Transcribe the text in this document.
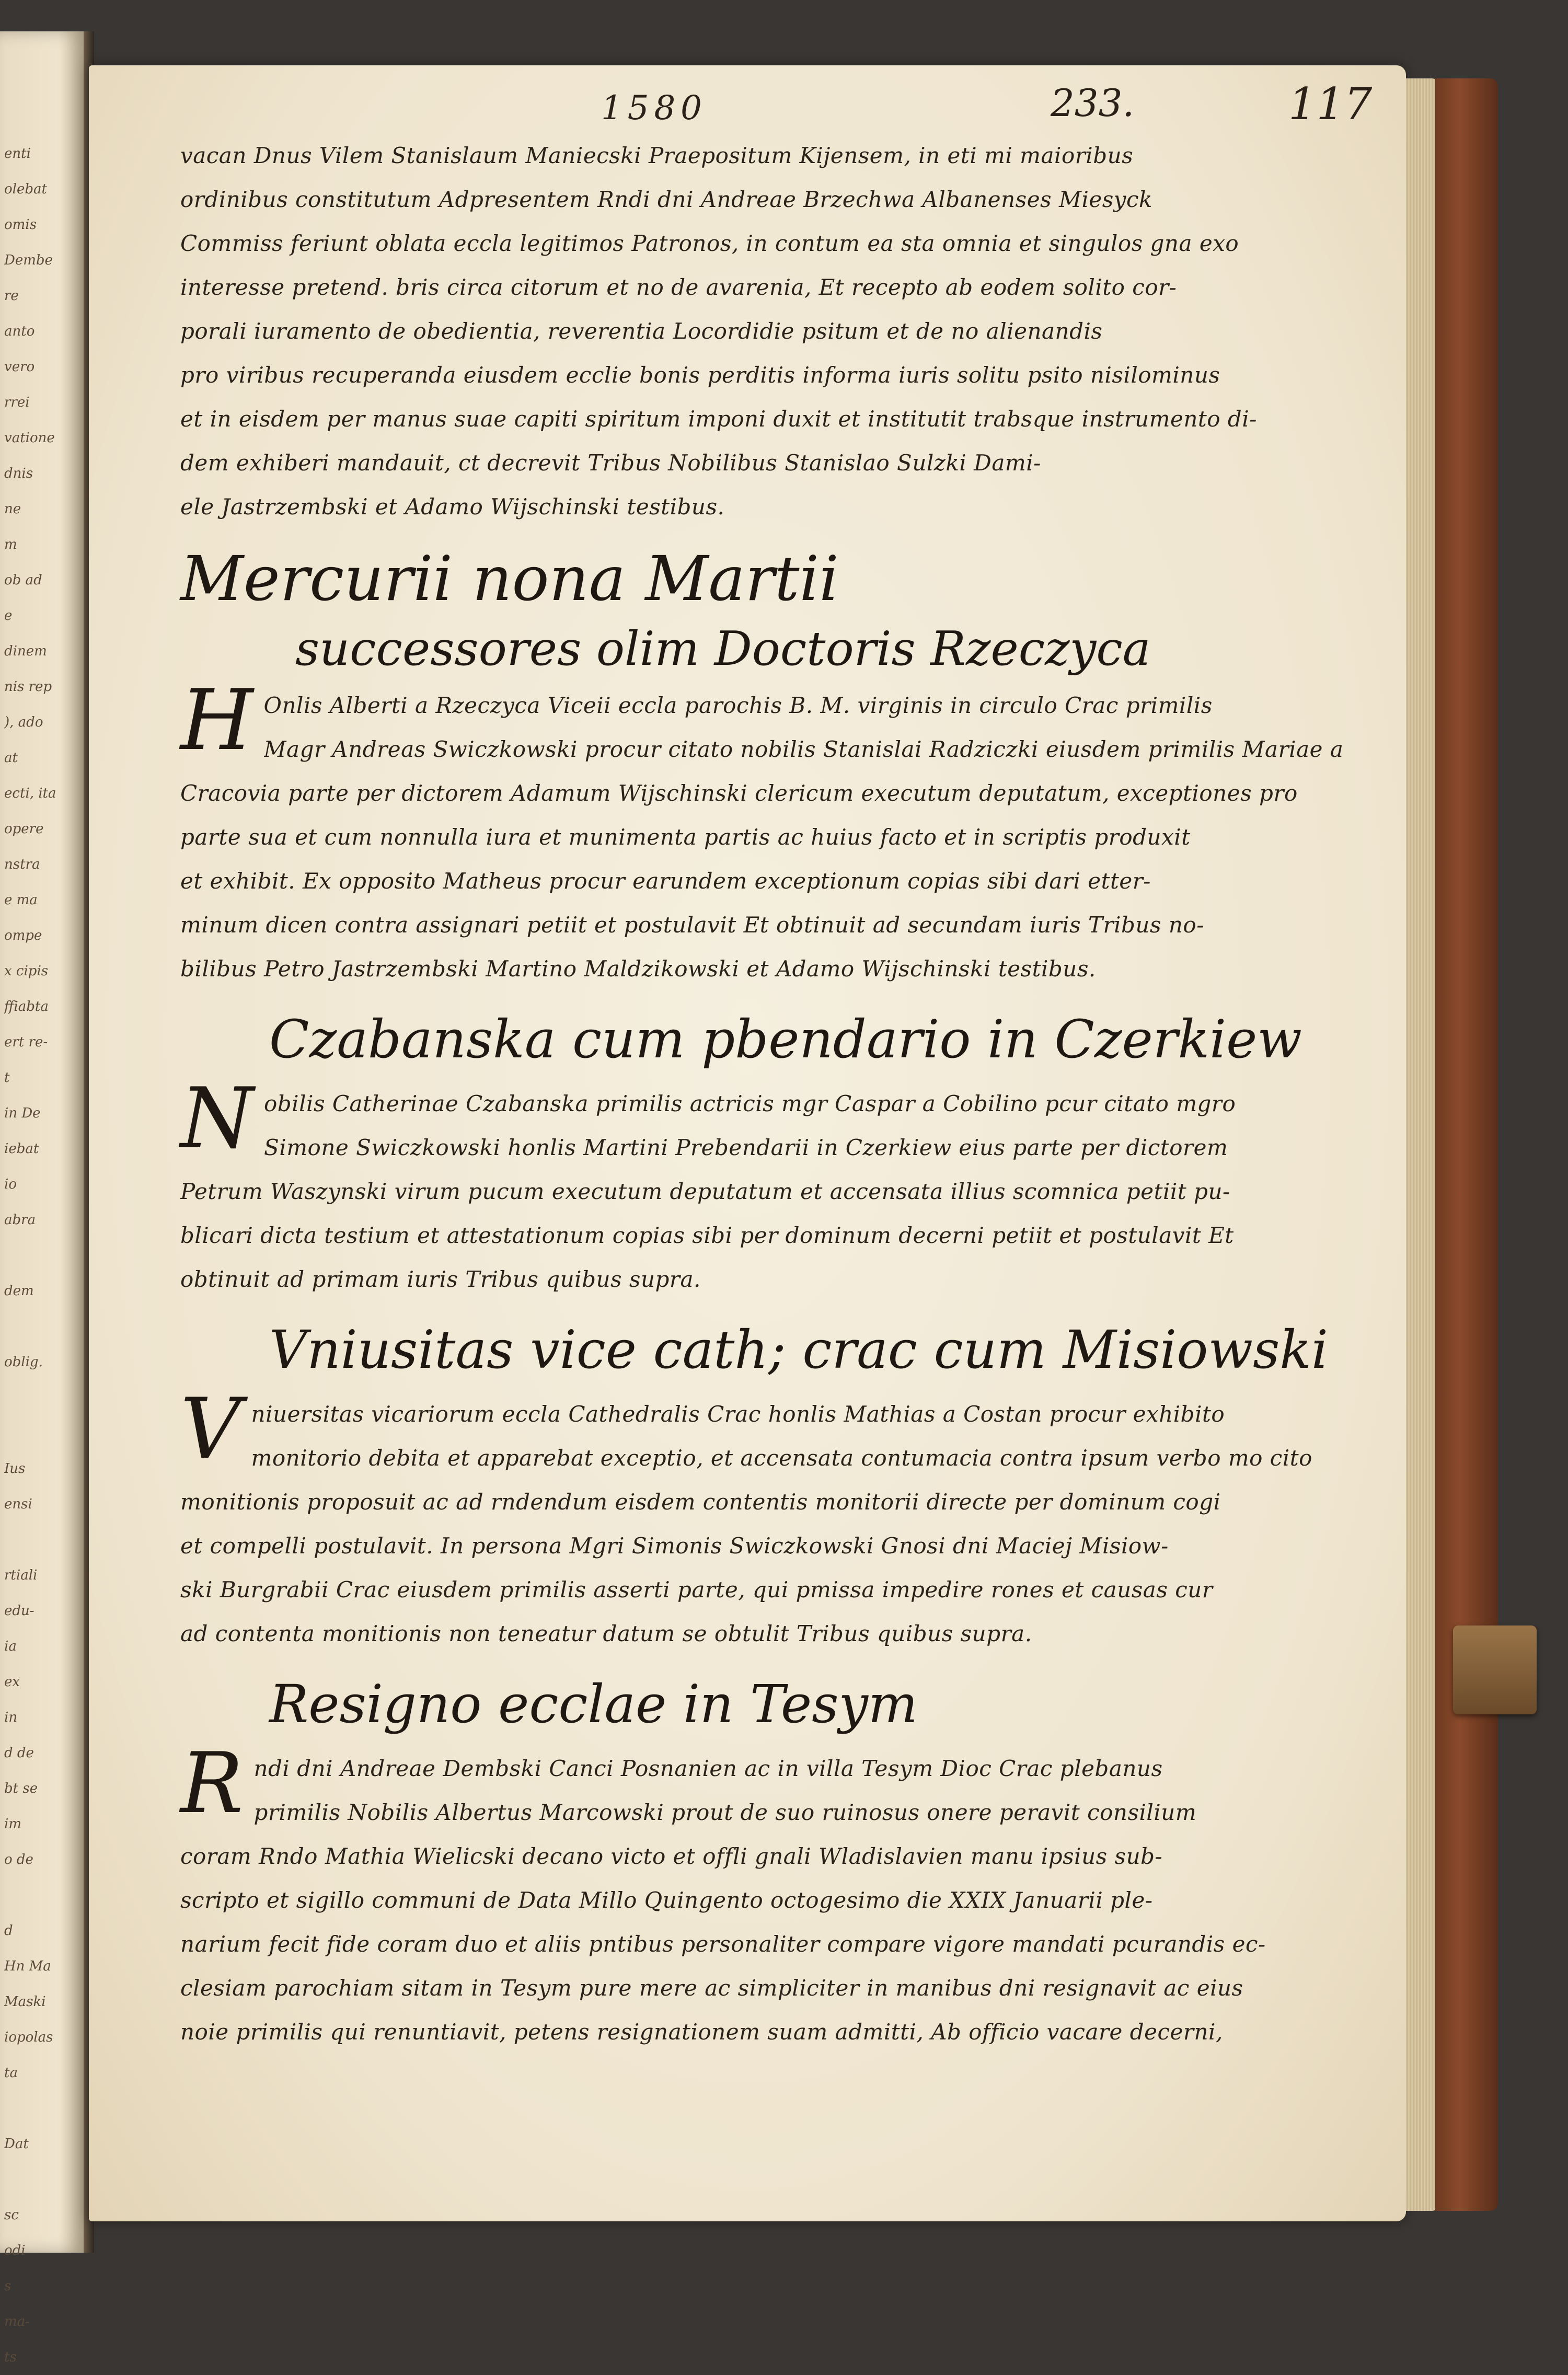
enti
olebat
omis
Dembe
re
anto
vero
rrei
vatione
dnis
ne
m
ob ad
e
dinem
nis rep
), ado
at
ecti, ita
opere
nstra
e ma
ompe
x cipis
ffiabta
ert re-
t
in De
iebat
io
abra

dem

oblig.

Ius
ensi

rtiali
edu-
ia
ex
in
d de
bt se
im
o de

d
Hn Ma
Maski
iopolas
ta

Dat

sc
odi
s
ma-
ts
1580	233.	117
vacan Dnus Vilem Stanislaum Maniecski Praepositum Kijensem, in eti mi maioribus
ordinibus constitutum Adpresentem Rndi dni Andreae Brzechwa Albanenses Miesyck
Commiss feriunt oblata eccla legitimos Patronos, in contum ea sta omnia et singulos gna exo
interesse pretend. bris circa citorum et no de avarenia, Et recepto ab eodem solito cor-
porali iuramento de obedientia, reverentia Locordidie psitum et de no alienandis
pro viribus recuperanda eiusdem ecclie bonis perditis informa iuris solitu psito nisilominus
et in eisdem per manus suae capiti spiritum imponi duxit et institutit trabsque instrumento di-
dem exhiberi mandauit, ct decrevit Tribus Nobilibus Stanislao Sulzki Dami-
ele Jastrzembski et Adamo Wijschinski testibus.
Mercurii nona Martii
successores olim Doctoris Rzeczyca
H Onlis Alberti a Rzeczyca Viceii eccla parochis B. M. virginis in circulo Crac primilis
Magr Andreas Swiczkowski procur citato nobilis Stanislai Radziczki eiusdem primilis Mariae a
Cracovia parte per dictorem Adamum Wijschinski clericum executum deputatum, exceptiones pro
parte sua et cum nonnulla iura et munimenta partis ac huius facto et in scriptis produxit
et exhibit. Ex opposito Matheus procur earundem exceptionum copias sibi dari etter-
minum dicen contra assignari petiit et postulavit Et obtinuit ad secundam iuris Tribus no-
bilibus Petro Jastrzembski Martino Maldzikowski et Adamo Wijschinski testibus.
Czabanska cum pbendario in Czerkiew
N obilis Catherinae Czabanska primilis actricis mgr Caspar a Cobilino pcur citato mgro
Simone Swiczkowski honlis Martini Prebendarii in Czerkiew eius parte per dictorem
Petrum Waszynski virum pucum executum deputatum et accensata illius scomnica petiit pu-
blicari dicta testium et attestationum copias sibi per dominum decerni petiit et postulavit Et
obtinuit ad primam iuris Tribus quibus supra.
Vniusitas vice cath; crac cum Misiowski
V niuersitas vicariorum eccla Cathedralis Crac honlis Mathias a Costan procur exhibito
monitorio debita et apparebat exceptio, et accensata contumacia contra ipsum verbo mo cito
monitionis proposuit ac ad rndendum eisdem contentis monitorii directe per dominum cogi
et compelli postulavit. In persona Mgri Simonis Swiczkowski Gnosi dni Maciej Misiow-
ski Burgrabii Crac eiusdem primilis asserti parte, qui pmissa impedire rones et causas cur
ad contenta monitionis non teneatur datum se obtulit Tribus quibus supra.
Resigno ecclae in Tesym
R ndi dni Andreae Dembski Canci Posnanien ac in villa Tesym Dioc Crac plebanus
primilis Nobilis Albertus Marcowski prout de suo ruinosus onere peravit consilium
coram Rndo Mathia Wielicski decano victo et offli gnali Wladislavien manu ipsius sub-
scripto et sigillo communi de Data Millo Quingento octogesimo die XXIX Januarii ple-
narium fecit fide coram duo et aliis pntibus personaliter compare vigore mandati pcurandis ec-
clesiam parochiam sitam in Tesym pure mere ac simpliciter in manibus dni resignavit ac eius
noie primilis qui renuntiavit, petens resignationem suam admitti, Ab officio vacare decerni,
